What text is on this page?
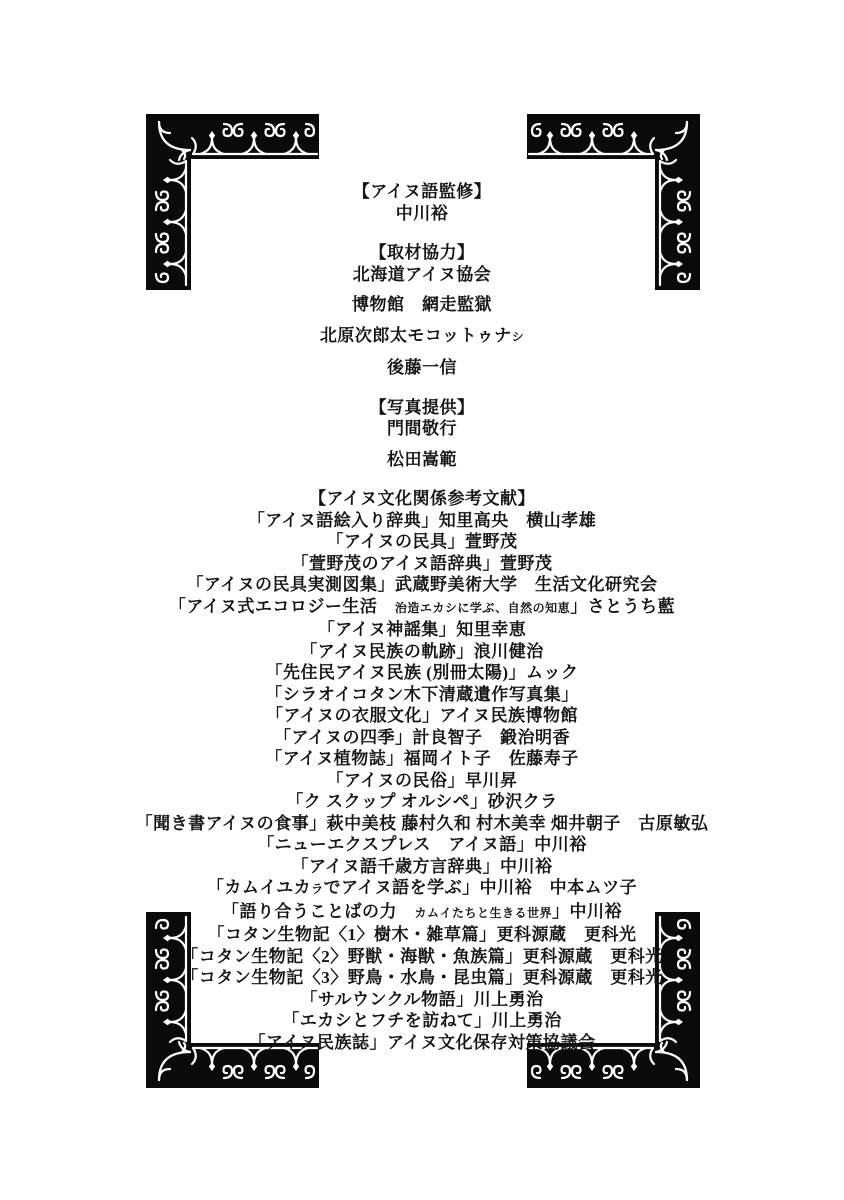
【アイヌ語監修】
中川裕
【取材協力】
北海道アイヌ協会
博物館　網走監獄
北原次郎太モコットゥナシ
後藤一信
【写真提供】
門間敬行
松田嵩範
【アイヌ文化関係参考文献】
「アイヌ語絵入り辞典」知里高央　横山孝雄
「アイヌの民具」萱野茂
「萱野茂のアイヌ語辞典」萱野茂
「アイヌの民具実測図集」武蔵野美術大学　生活文化研究会
「アイヌ式エコロジー生活　治造エカシに学ぶ、自然の知恵」さとうち藍
「アイヌ神謡集」知里幸恵
「アイヌ民族の軌跡」浪川健治
「先住民アイヌ民族 (別冊太陽)」ムック
「シラオイコタン木下清蔵遺作写真集」
「アイヌの衣服文化」アイヌ民族博物館
「アイヌの四季」計良智子　鍛治明香
「アイヌ植物誌」福岡イト子　佐藤寿子
「アイヌの民俗」早川昇
「ク スクップ オルシペ」砂沢クラ
「聞き書アイヌの食事」萩中美枝 藤村久和 村木美幸 畑井朝子　古原敏弘
「ニューエクスプレス　アイヌ語」中川裕
「アイヌ語千歳方言辞典」中川裕
「カムイユカラでアイヌ語を学ぶ」中川裕　中本ムツ子
「語り合うことばの力　カムイたちと生きる世界」中川裕
「コタン生物記〈1〉樹木・雑草篇」更科源蔵　更科光
「コタン生物記〈2〉野獣・海獣・魚族篇」更科源蔵　更科光
「コタン生物記〈3〉野鳥・水鳥・昆虫篇」更科源蔵　更科光
「サルウンクル物語」川上勇治
「エカシとフチを訪ねて」川上勇治
「アイヌ民族誌」アイヌ文化保存対策協議会
